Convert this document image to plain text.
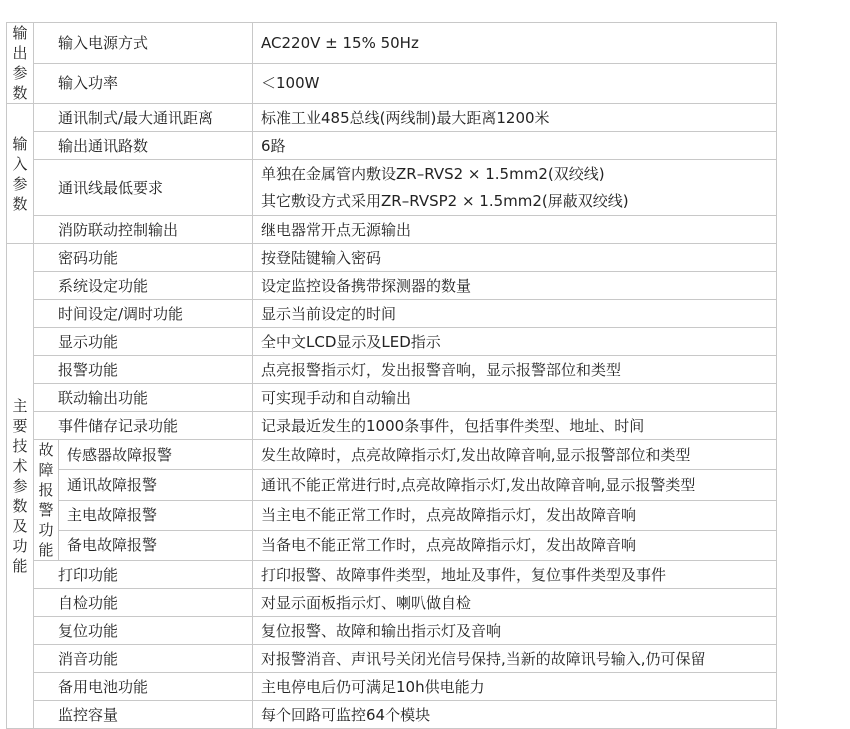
输出参数	输入电源方式		AC220V ± 15% 50Hz
	输入功率		＜100W
输入参数	通讯制式/最大通讯距离		标准工业485总线(两线制)最大距离1200米
	输出通讯路数		6路
	通讯线最低要求		单独在金属管内敷设ZR–RVS2 × 1.5mm2(双绞线)
其它敷设方式采用ZR–RVSP2 × 1.5mm2(屏蔽双绞线)

	消防联动控制输出		继电器常开点无源输出
主要技术参数及功能	密码功能		按登陆键输入密码
	系统设定功能		设定监控设备携带探测器的数量
	时间设定/调时功能		显示当前设定的时间
	显示功能		全中文LCD显示及LED指示
	报警功能		点亮报警指示灯，发出报警音响，显示报警部位和类型
	联动输出功能		可实现手动和自动输出
	事件储存记录功能		记录最近发生的1000条事件，包括事件类型、地址、时间
	故障报警功能	传感器故障报警	发生故障时，点亮故障指示灯,发出故障音响,显示报警部位和类型
		通讯故障报警	通讯不能正常进行时,点亮故障指示灯,发出故障音响,显示报警类型
		主电故障报警	当主电不能正常工作时，点亮故障指示灯，发出故障音响
		备电故障报警	当备电不能正常工作时，点亮故障指示灯，发出故障音响
	打印功能		打印报警、故障事件类型，地址及事件，复位事件类型及事件
	自检功能		对显示面板指示灯、喇叭做自检
	复位功能		复位报警、故障和输出指示灯及音响
	消音功能		对报警消音、声讯号关闭光信号保持,当新的故障讯号输入,仍可保留
	备用电池功能		主电停电后仍可满足10h供电能力
	监控容量		每个回路可监控64个模块
